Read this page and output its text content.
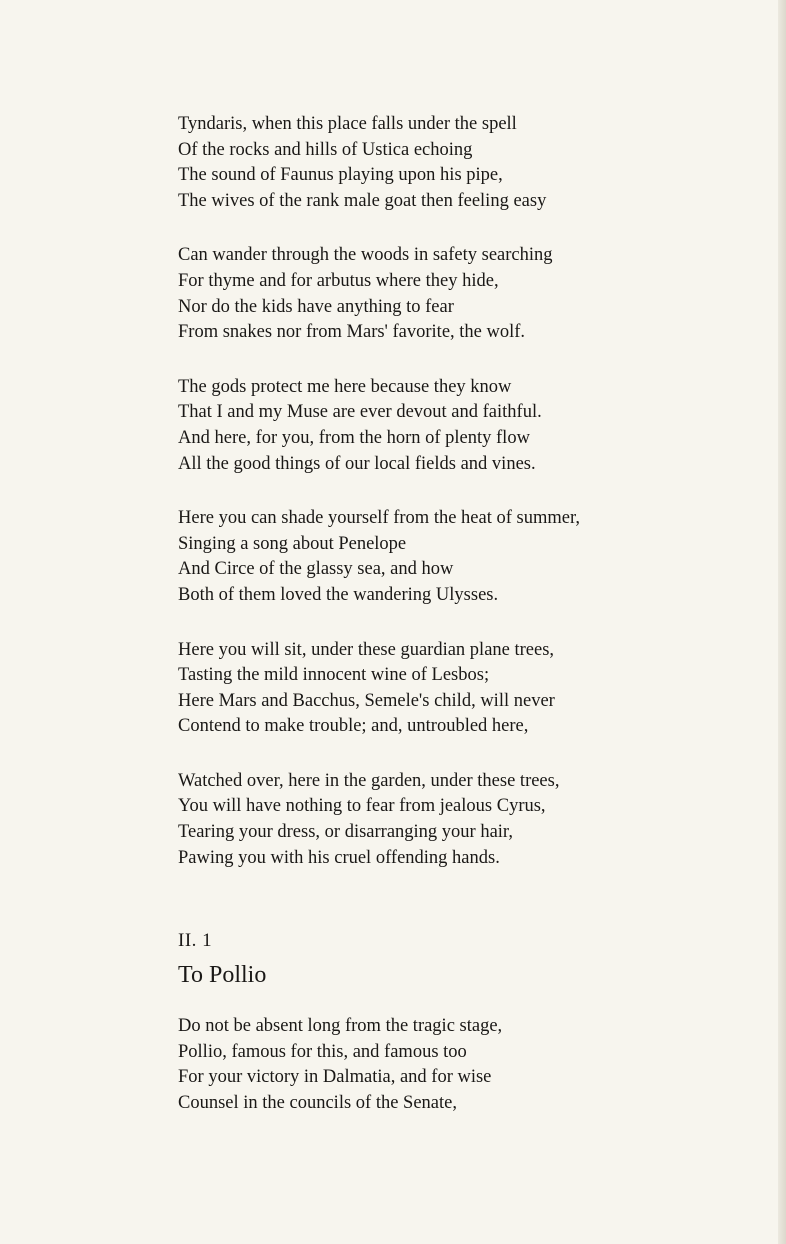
Tyndaris, when this place falls under the spell
Of the rocks and hills of Ustica echoing
The sound of Faunus playing upon his pipe,
The wives of the rank male goat then feeling easy
Can wander through the woods in safety searching
For thyme and for arbutus where they hide,
Nor do the kids have anything to fear
From snakes nor from Mars' favorite, the wolf.
The gods protect me here because they know
That I and my Muse are ever devout and faithful.
And here, for you, from the horn of plenty flow
All the good things of our local fields and vines.
Here you can shade yourself from the heat of summer,
Singing a song about Penelope
And Circe of the glassy sea, and how
Both of them loved the wandering Ulysses.
Here you will sit, under these guardian plane trees,
Tasting the mild innocent wine of Lesbos;
Here Mars and Bacchus, Semele's child, will never
Contend to make trouble; and, untroubled here,
Watched over, here in the garden, under these trees,
You will have nothing to fear from jealous Cyrus,
Tearing your dress, or disarranging your hair,
Pawing you with his cruel offending hands.
II. 1
To Pollio
Do not be absent long from the tragic stage,
Pollio, famous for this, and famous too
For your victory in Dalmatia, and for wise
Counsel in the councils of the Senate,
